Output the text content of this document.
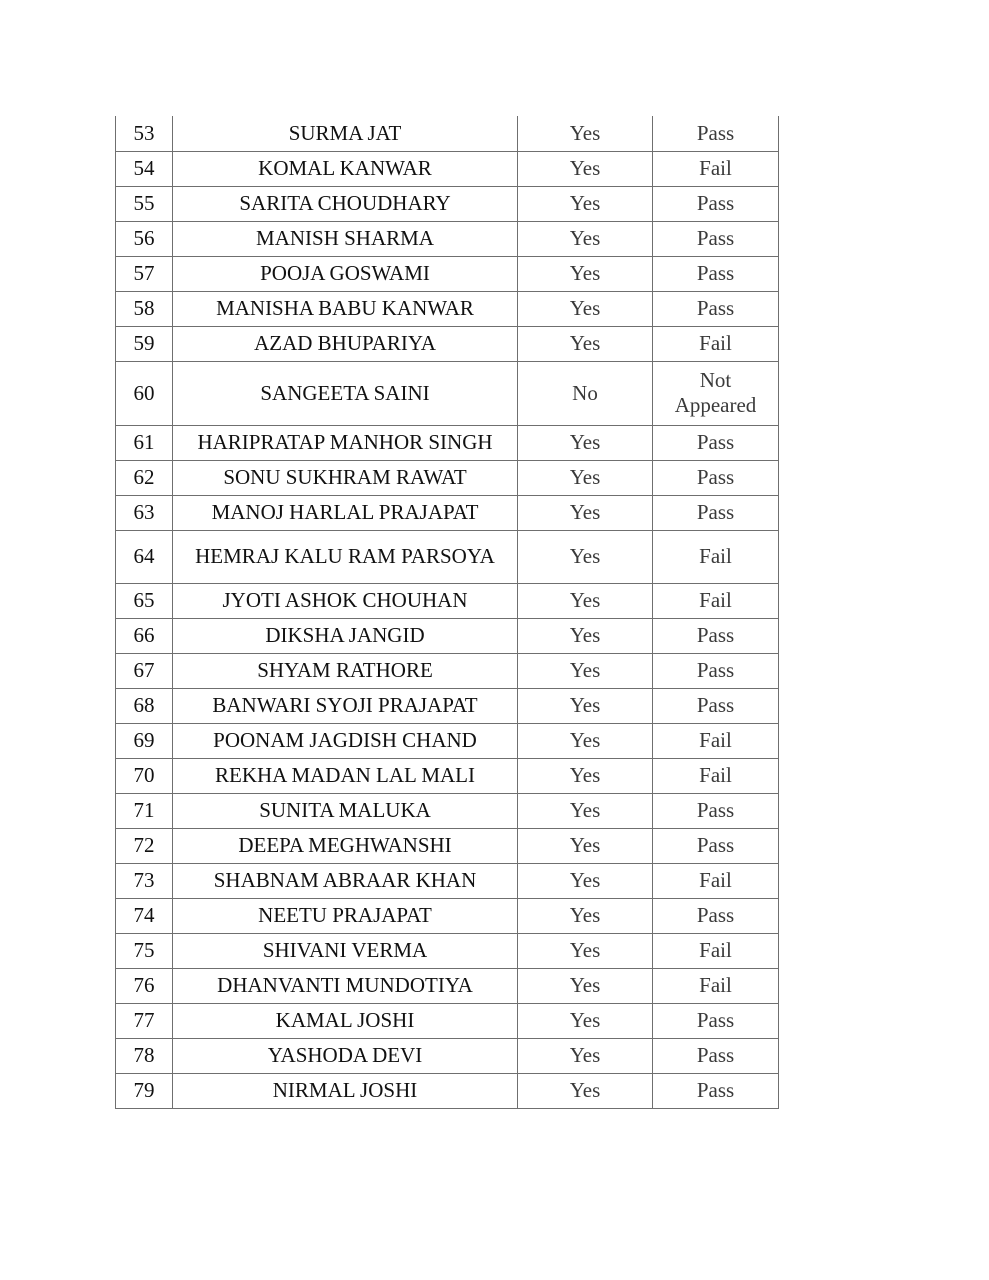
53	SURMA JAT	Yes	Pass
54	KOMAL KANWAR	Yes	Fail
55	SARITA CHOUDHARY	Yes	Pass
56	MANISH SHARMA	Yes	Pass
57	POOJA GOSWAMI	Yes	Pass
58	MANISHA BABU KANWAR	Yes	Pass
59	AZAD BHUPARIYA	Yes	Fail
60	SANGEETA SAINI	No	Not Appeared
61	HARIPRATAP MANHOR SINGH	Yes	Pass
62	SONU SUKHRAM RAWAT	Yes	Pass
63	MANOJ HARLAL PRAJAPAT	Yes	Pass
64	HEMRAJ KALU RAM PARSOYA	Yes	Fail
65	JYOTI ASHOK CHOUHAN	Yes	Fail
66	DIKSHA JANGID	Yes	Pass
67	SHYAM RATHORE	Yes	Pass
68	BANWARI SYOJI PRAJAPAT	Yes	Pass
69	POONAM JAGDISH CHAND	Yes	Fail
70	REKHA MADAN LAL MALI	Yes	Fail
71	SUNITA MALUKA	Yes	Pass
72	DEEPA MEGHWANSHI	Yes	Pass
73	SHABNAM ABRAAR KHAN	Yes	Fail
74	NEETU PRAJAPAT	Yes	Pass
75	SHIVANI VERMA	Yes	Fail
76	DHANVANTI MUNDOTIYA	Yes	Fail
77	KAMAL JOSHI	Yes	Pass
78	YASHODA DEVI	Yes	Pass
79	NIRMAL JOSHI	Yes	Pass
